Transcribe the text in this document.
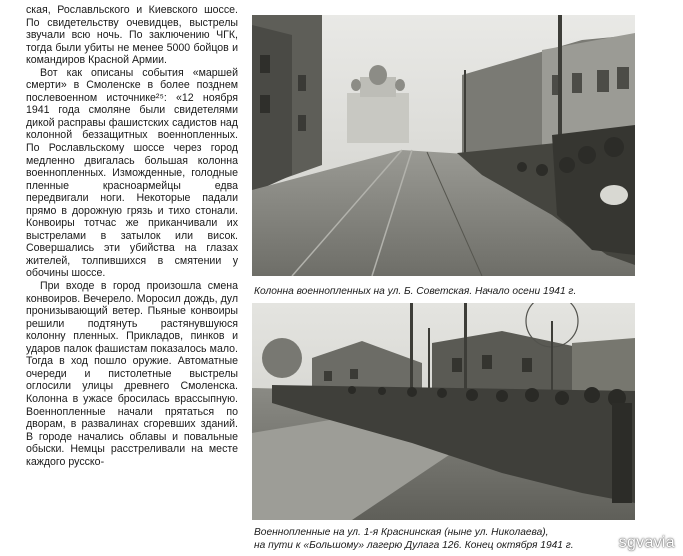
ская, Рославльского и Киевского шоссе. По свидетельству очевидцев, выстрелы звучали всю ночь. По заключению ЧГК, тогда были убиты не менее 5000 бойцов и командиров Красной Армии.

Вот как описаны события «маршей смерти» в Смоленске в более позднем послевоенном источнике²⁵: «12 ноября 1941 года смоляне были свидетелями дикой расправы фашистских садистов над колонной беззащитных военнопленных. По Рославльскому шоссе через город медленно двигалась большая колонна военнопленных. Изможденные, голодные пленные красноармейцы едва передвигали ноги. Некоторые падали прямо в дорожную грязь и тихо стонали. Конвоиры тотчас же приканчивали их выстрелами в затылок или висок. Совершались эти убийства на глазах жителей, толпившихся в смятении у обочины шоссе.

При входе в город произошла смена конвоиров. Вечерело. Моросил дождь, дул пронизывающий ветер. Пьяные конвоиры решили подтянуть растянувшуюся колонну пленных. Прикладов, пинков и ударов палок фашистам показалось мало. Тогда в ход пошло оружие. Автоматные очереди и пистолетные выстрелы оглосили улицы древнего Смоленска. Колонна в ужасе бросилась врассыпную. Военнопленные начали прятаться по дворам, в развалинах сгоревших зданий. В городе начались облавы и повальные обыски. Немцы расстреливали на месте каждого русско-

Колонна военнопленных на ул. Б. Советская. Начало осени 1941 г.
Военнопленные на ул. 1-я Краснинская (ныне ул. Николаева),
на пути к «Большому» лагерю Дулага 126. Конец октября 1941 г.	sgvavia
